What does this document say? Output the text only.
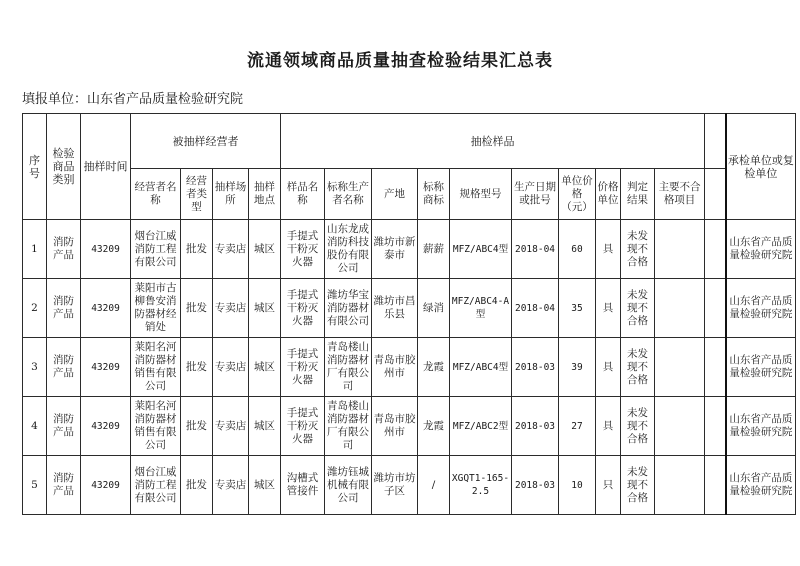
流通领域商品质量抽查检验结果汇总表
填报单位：山东省产品质量检验研究院
序号	检验商品类别	抽样时间	被抽样经营者				抽检样品											承检单位或复检单位
			经营者名称	经营者类型	抽样场所	抽样地点	样品名称	标称生产者名称	产地	标称商标	规格型号	生产日期或批号	单位价格（元）	价格单位	判定结果	主要不合格项目		
1	消防产品	43209	烟台江威消防工程有限公司	批发	专卖店	城区	手提式干粉灭火器	山东龙成消防科技股份有限公司	潍坊市新泰市	薪薪	MFZ/ABC4型	2018-04	60	具	未发现不合格			山东省产品质量检验研究院
2	消防产品	43209	莱阳市古柳鲁安消防器材经销处	批发	专卖店	城区	手提式干粉灭火器	潍坊华宝消防器材有限公司	潍坊市昌乐县	绿消	MFZ/ABC4-A型	2018-04	35	具	未发现不合格			山东省产品质量检验研究院
3	消防产品	43209	莱阳名河消防器材销售有限公司	批发	专卖店	城区	手提式干粉灭火器	青岛楼山消防器材厂有限公司	青岛市胶州市	龙霞	MFZ/ABC4型	2018-03	39	具	未发现不合格			山东省产品质量检验研究院
4	消防产品	43209	莱阳名河消防器材销售有限公司	批发	专卖店	城区	手提式干粉灭火器	青岛楼山消防器材厂有限公司	青岛市胶州市	龙霞	MFZ/ABC2型	2018-03	27	具	未发现不合格			山东省产品质量检验研究院
5	消防产品	43209	烟台江威消防工程有限公司	批发	专卖店	城区	沟槽式管接件	潍坊钰城机械有限公司	潍坊市坊子区	/	XGQT1-165-2.5	2018-03	10	只	未发现不合格			山东省产品质量检验研究院
